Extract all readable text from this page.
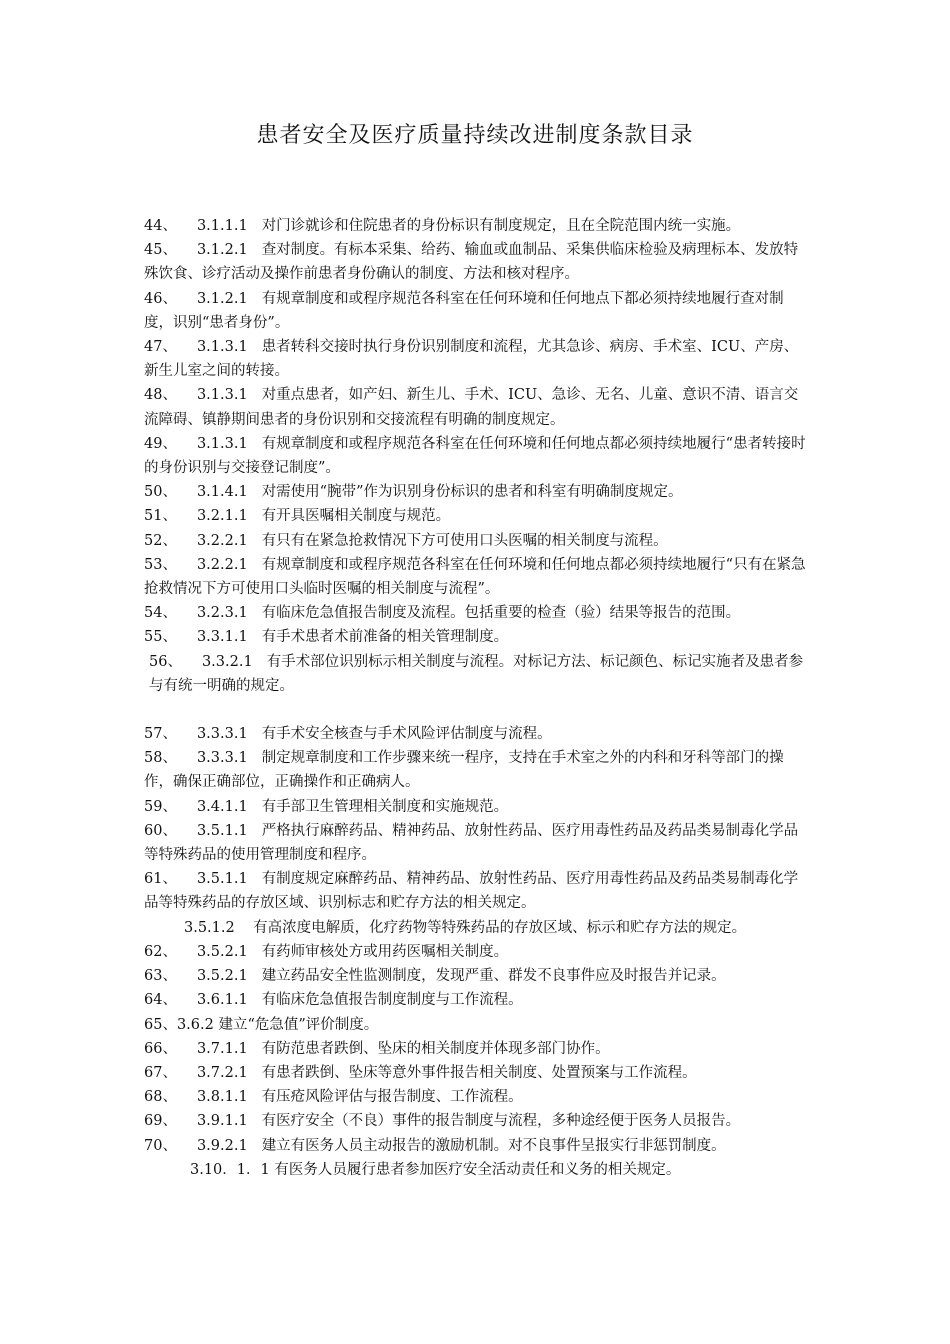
患者安全及医疗质量持续改进制度条款目录

44、 3.1.1.1 对门诊就诊和住院患者的身份标识有制度规定，且在全院范围内统一实施。

45、 3.1.2.1 查对制度。有标本采集、给药、输血或血制品、采集供临床检验及病理标本、发放特殊饮食、诊疗活动及操作前患者身份确认的制度、方法和核对程序。

46、 3.1.2.1 有规章制度和或程序规范各科室在任何环境和任何地点下都必须持续地履行查对制度，识别“患者身份”。

47、 3.1.3.1 患者转科交接时执行身份识别制度和流程，尤其急诊、病房、手术室、ICU、产房、新生儿室之间的转接。

48、 3.1.3.1 对重点患者，如产妇、新生儿、手术、ICU、急诊、无名、儿童、意识不清、语言交流障碍、镇静期间患者的身份识别和交接流程有明确的制度规定。

49、 3.1.3.1 有规章制度和或程序规范各科室在任何环境和任何地点都必须持续地履行“患者转接时的身份识别与交接登记制度”。

50、 3.1.4.1 对需使用“腕带”作为识别身份标识的患者和科室有明确制度规定。

51、 3.2.1.1 有开具医嘱相关制度与规范。

52、 3.2.2.1 有只有在紧急抢救情况下方可使用口头医嘱的相关制度与流程。

53、 3.2.2.1 有规章制度和或程序规范各科室在任何环境和任何地点都必须持续地履行“只有在紧急抢救情况下方可使用口头临时医嘱的相关制度与流程”。

54、 3.2.3.1 有临床危急值报告制度及流程。包括重要的检查（验）结果等报告的范围。

55、 3.3.1.1 有手术患者术前准备的相关管理制度。

56、 3.3.2.1 有手术部位识别标示相关制度与流程。对标记方法、标记颜色、标记实施者及患者参与有统一明确的规定。

57、 3.3.3.1 有手术安全核查与手术风险评估制度与流程。

58、 3.3.3.1 制定规章制度和工作步骤来统一程序，支持在手术室之外的内科和牙科等部门的操作，确保正确部位，正确操作和正确病人。

59、 3.4.1.1 有手部卫生管理相关制度和实施规范。

60、 3.5.1.1 严格执行麻醉药品、精神药品、放射性药品、医疗用毒性药品及药品类易制毒化学品等特殊药品的使用管理制度和程序。

61、 3.5.1.1 有制度规定麻醉药品、精神药品、放射性药品、医疗用毒性药品及药品类易制毒化学品等特殊药品的存放区域、识别标志和贮存方法的相关规定。

3.5.1.2 有高浓度电解质，化疗药物等特殊药品的存放区域、标示和贮存方法的规定。

62、 3.5.2.1 有药师审核处方或用药医嘱相关制度。

63、 3.5.2.1 建立药品安全性监测制度，发现严重、群发不良事件应及时报告并记录。

64、 3.6.1.1 有临床危急值报告制度制度与工作流程。

65、3.6.2 建立“危急值”评价制度。

66、 3.7.1.1 有防范患者跌倒、坠床的相关制度并体现多部门协作。

67、 3.7.2.1 有患者跌倒、坠床等意外事件报告相关制度、处置预案与工作流程。

68、 3.8.1.1 有压疮风险评估与报告制度、工作流程。

69、 3.9.1.1 有医疗安全（不良）事件的报告制度与流程，多种途经便于医务人员报告。

70、 3.9.2.1 建立有医务人员主动报告的激励机制。对不良事件呈报实行非惩罚制度。

3.10．1．1 有医务人员履行患者参加医疗安全活动责任和义务的相关规定。
